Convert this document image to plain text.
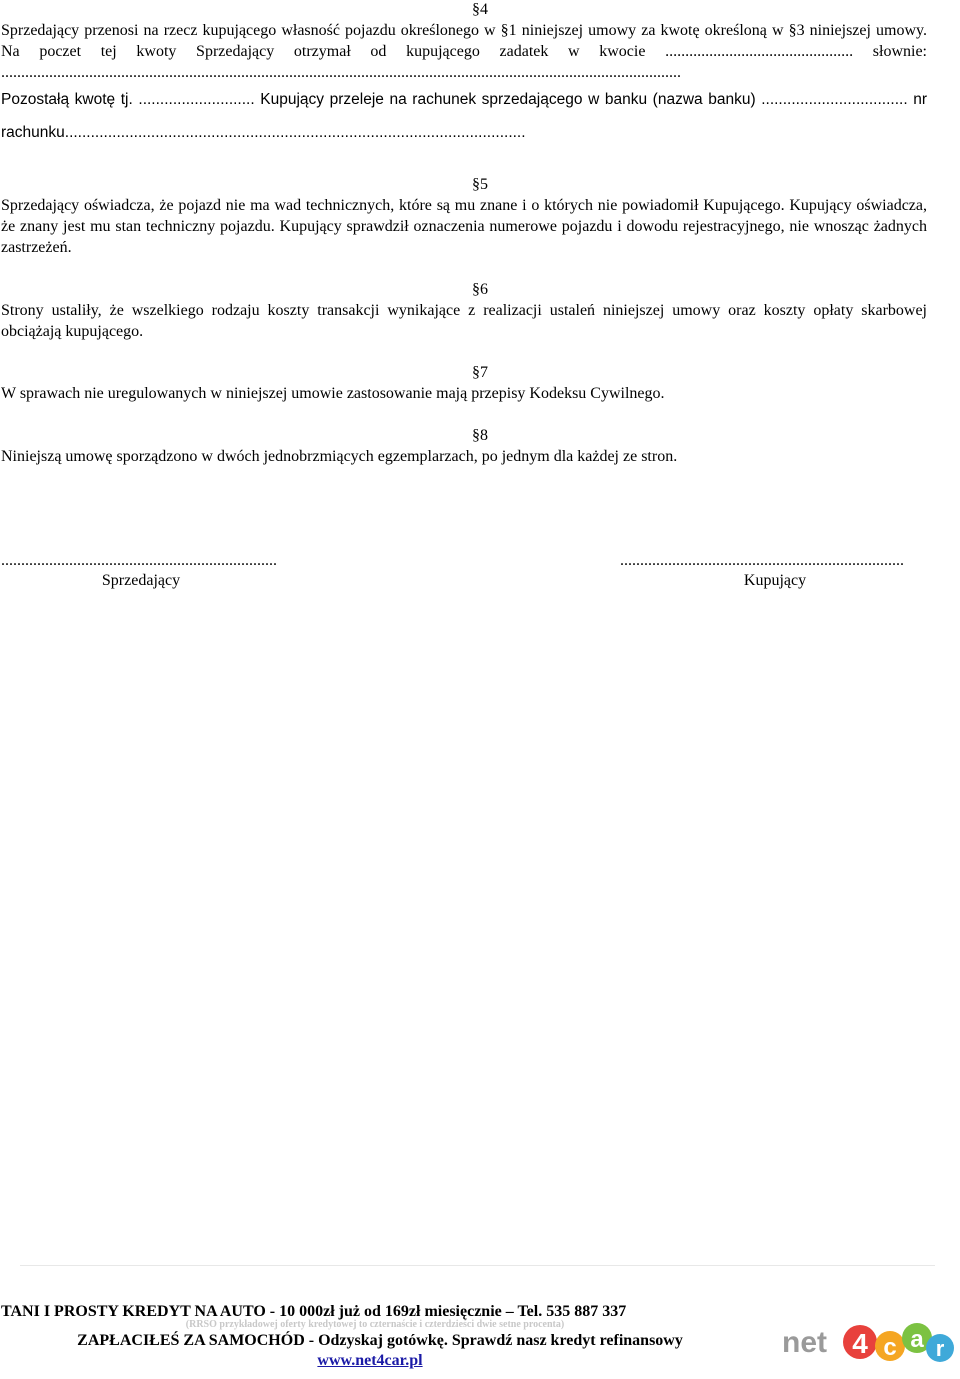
§4

Sprzedający przenosi na rzecz kupującego własność pojazdu określonego w §1 niniejszej umowy za kwotę określoną w §3 niniejszej umowy. Na poczet tej kwoty Sprzedający otrzymał od kupującego zadatek w kwocie ............................................... słownie: ..........................................................................................................................................................................

Pozostałą kwotę tj. ........................... Kupujący przeleje na rachunek sprzedającego w banku (nazwa banku) .................................. nr rachunku...........................................................................................................

§5

Sprzedający oświadcza, że pojazd nie ma wad technicznych, które są mu znane i o których nie powiadomił Kupującego. Kupujący oświadcza, że znany jest mu stan techniczny pojazdu. Kupujący sprawdził oznaczenia numerowe pojazdu i dowodu rejestracyjnego, nie wnosząc żadnych zastrzeżeń.

§6

Strony ustaliły, że wszelkiego rodzaju koszty transakcji wynikające z realizacji ustaleń niniejszej umowy oraz koszty opłaty skarbowej obciążają kupującego.

§7

W sprawach nie uregulowanych w niniejszej umowie zastosowanie mają przepisy Kodeksu Cywilnego.

§8

Niniejszą umowę sporządzono w dwóch jednobrzmiących egzemplarzach, po jednym dla każdej ze stron.

.....................................................................
Sprzedający
.......................................................................
Kupujący

TANI I PROSTY KREDYT NA AUTO - 10 000zł już od 169zł miesięcznie – Tel. 535 887 337

(RRSO przykładowej oferty kredytowej to czternaście i czterdzieści dwie setne procenta)

ZAPŁACIŁEŚ ZA SAMOCHÓD - Odzyskaj gotówkę. Sprawdź nasz kredyt refinansowy

www.net4car.pl

net 4 c a r
